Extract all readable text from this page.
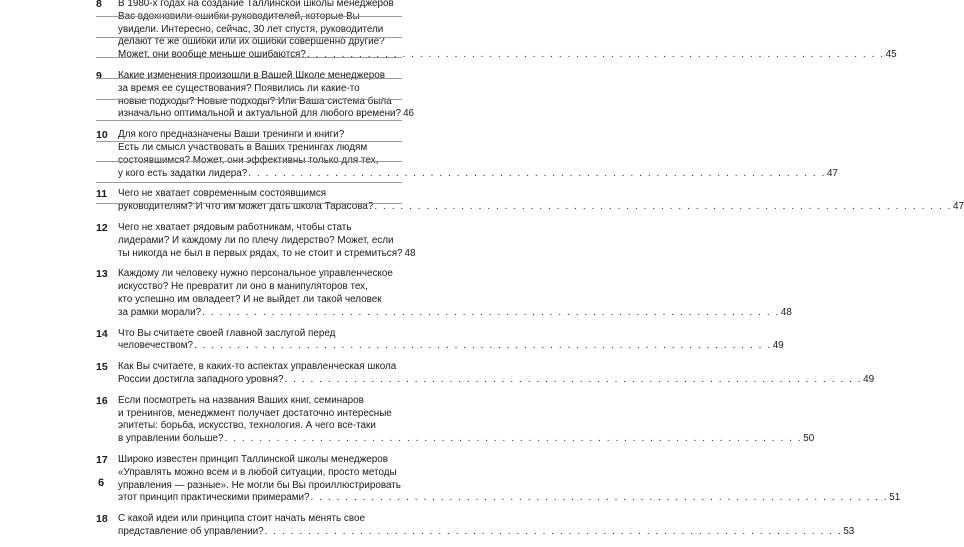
8 В 1980-х годах на создание Таллинской школы менеджеров
Вас вдохновили ошибки руководителей, которые Вы
увидели. Интересно, сейчас, 30 лет спустя, руководители
делают те же ошибки или их ошибки совершенно другие?
Может, они вообще меньше ошибаются? . . .	45
9 Какие изменения произошли в Вашей Школе менеджеров
за время ее существования? Появились ли какие-то
новые подходы? Новые подходы? Или Ваша система была
изначально оптимальной и актуальной для любого времени? 46
10 Для кого предназначены Ваши тренинги и книги?
Есть ли смысл участвовать в Ваших тренингах людям
состоявшимся? Может, они эффективны только для тех,
у кого есть задатки лидера? . . .	47
11 Чего не хватает современным состоявшимся
руководителям? И что им может дать школа Тарасова? . . .	47
12 Чего не хватает рядовым работникам, чтобы стать
лидерами? И каждому ли по плечу лидерство? Может, если
ты никогда не был в первых рядах, то не стоит и стремиться? 48
13 Каждому ли человеку нужно персональное управленческое
искусство? Не превратит ли оно в манипуляторов тех,
кто успешно им овладеет? И не выйдет ли такой человек
за рамки морали? . . .	48
14 Что Вы считаете своей главной заслугой перед
человечеством? . . .	49
15 Как Вы считаете, в каких-то аспектах управленческая школа
России достигла западного уровня? . . .	49
16 Если посмотреть на названия Ваших книг, семинаров
и тренингов, менеджмент получает достаточно интересные
эпитеты: борьба, искусство, технология. А чего все-таки
в управлении больше? . . .	50
17 Широко известен принцип Таллинской школы менеджеров
«Управлять можно всем и в любой ситуации, просто методы
управления — разные». Не могли бы Вы проиллюстрировать
этот принцип практическими примерами? . . .	51
18 С какой идеи или принципа стоит начать менять свое
представление об управлении? . . .	53
6
